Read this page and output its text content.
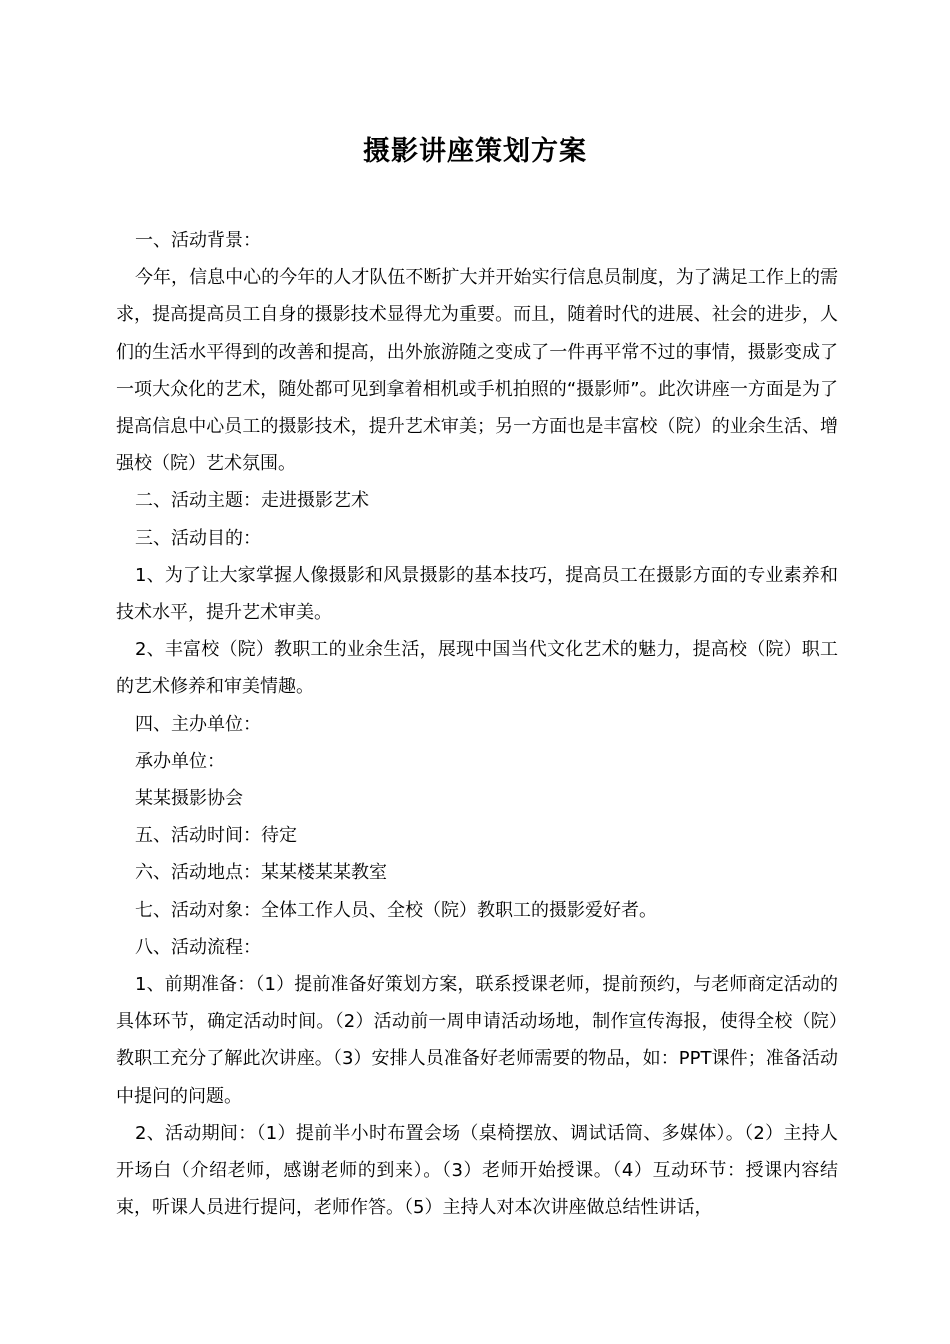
摄影讲座策划方案

一、活动背景：

今年，信息中心的今年的人才队伍不断扩大并开始实行信息员制度，为了满足工作上的需求，提高提高员工自身的摄影技术显得尤为重要。而且，随着时代的进展、社会的进步，人们的生活水平得到的改善和提高，出外旅游随之变成了一件再平常不过的事情，摄影变成了一项大众化的艺术，随处都可见到拿着相机或手机拍照的“摄影师”。此次讲座一方面是为了提高信息中心员工的摄影技术，提升艺术审美；另一方面也是丰富校（院）的业余生活、增强校（院）艺术氛围。

二、活动主题：走进摄影艺术

三、活动目的：

1、为了让大家掌握人像摄影和风景摄影的基本技巧，提高员工在摄影方面的专业素养和技术水平，提升艺术审美。

2、丰富校（院）教职工的业余生活，展现中国当代文化艺术的魅力，提高校（院）职工的艺术修养和审美情趣。

四、主办单位：

承办单位：

某某摄影协会

五、活动时间：待定

六、活动地点：某某楼某某教室

七、活动对象：全体工作人员、全校（院）教职工的摄影爱好者。

八、活动流程：

1、前期准备：（1）提前准备好策划方案，联系授课老师，提前预约，与老师商定活动的具体环节，确定活动时间。（2）活动前一周申请活动场地，制作宣传海报，使得全校（院）教职工充分了解此次讲座。（3）安排人员准备好老师需要的物品，如：PPT课件；准备活动中提问的问题。

2、活动期间：（1）提前半小时布置会场（桌椅摆放、调试话筒、多媒体）。（2）主持人开场白（介绍老师，感谢老师的到来）。（3）老师开始授课。（4）互动环节：授课内容结束，听课人员进行提问，老师作答。（5）主持人对本次讲座做总结性讲话，
